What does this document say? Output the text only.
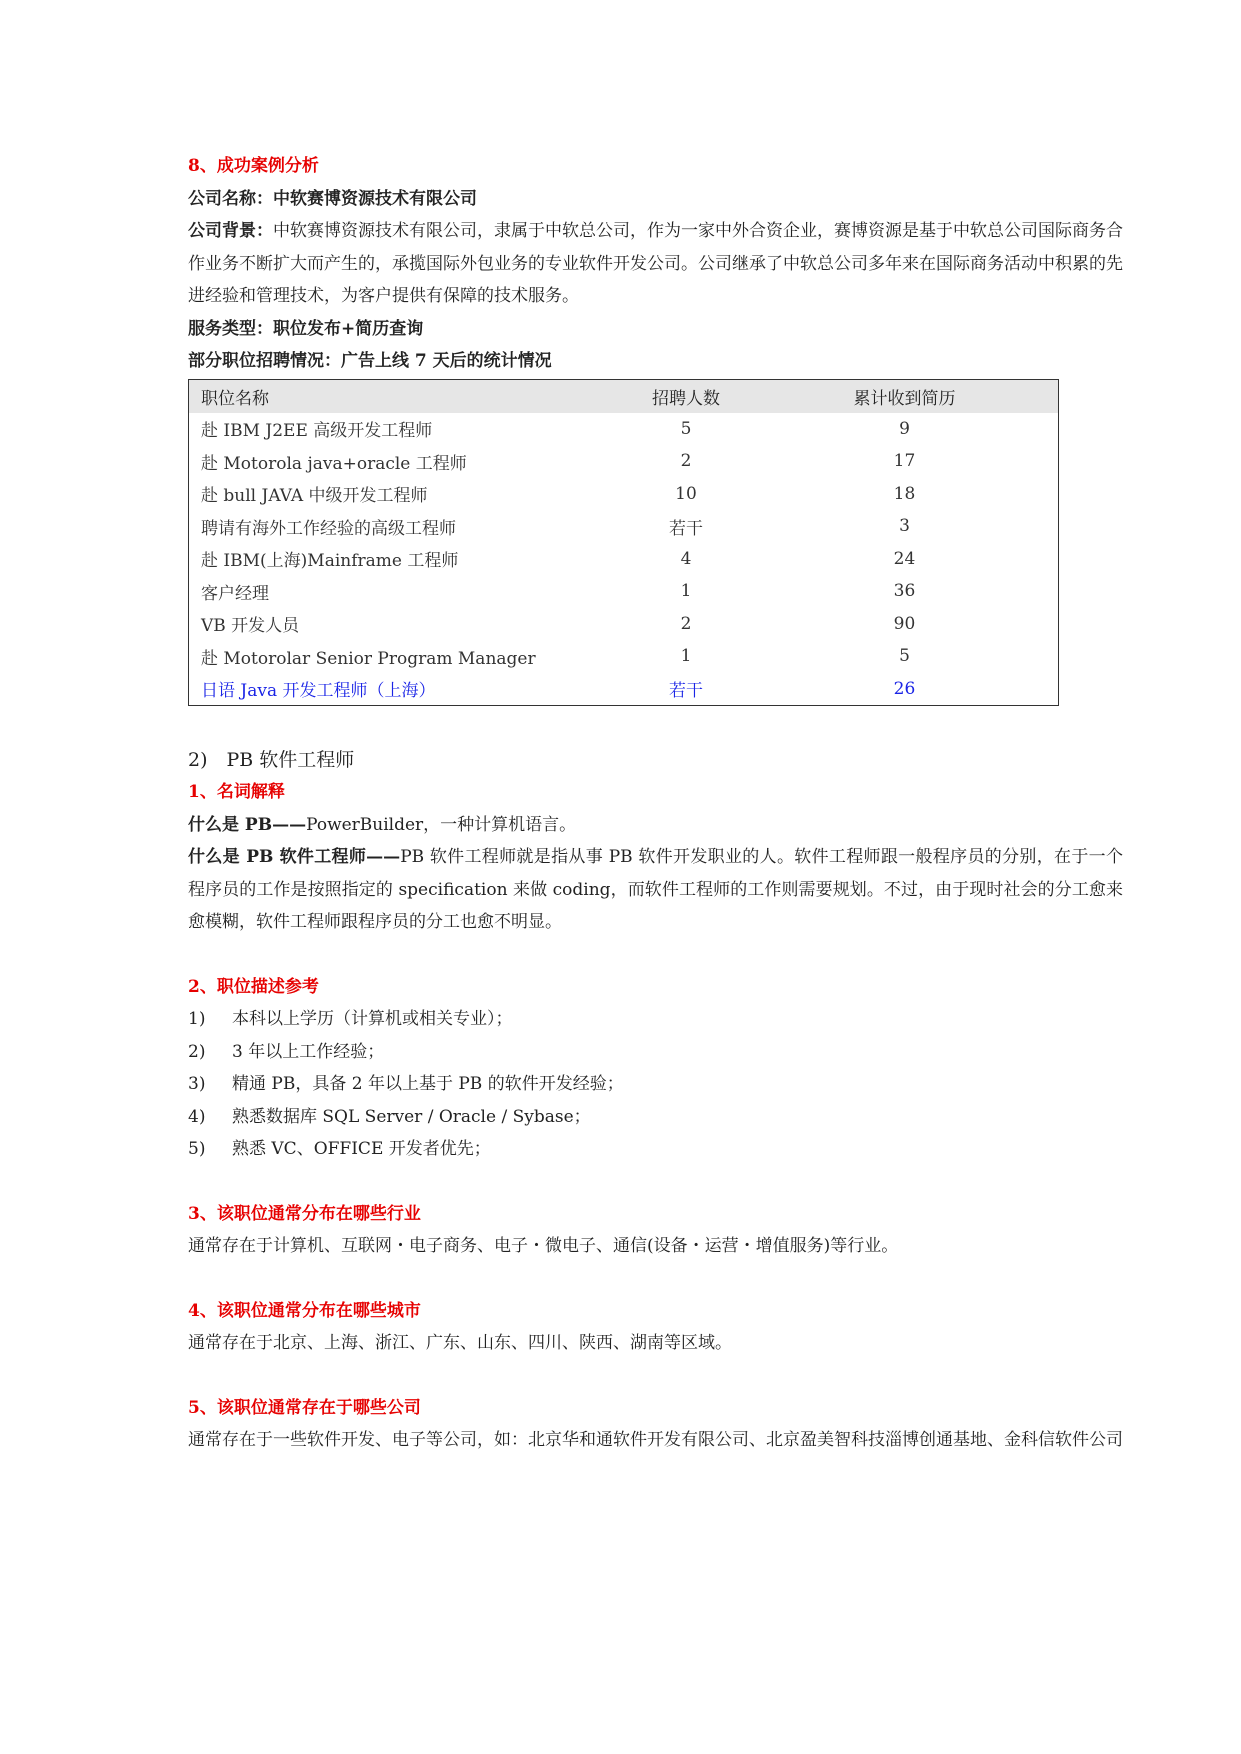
8、成功案例分析
公司名称：中软赛博资源技术有限公司
公司背景：中软赛博资源技术有限公司，隶属于中软总公司，作为一家中外合资企业，赛博资源是基于中软总公司国际商务合作业务不断扩大而产生的，承揽国际外包业务的专业软件开发公司。公司继承了中软总公司多年来在国际商务活动中积累的先进经验和管理技术，为客户提供有保障的技术服务。
服务类型：职位发布+简历查询
部分职位招聘情况：广告上线 7 天后的统计情况
职位名称	招聘人数	累计收到简历
赴 IBM J2EE 高级开发工程师	5	9
赴 Motorola java+oracle 工程师	2	17
赴 bull JAVA 中级开发工程师	10	18
聘请有海外工作经验的高级工程师	若干	3
赴 IBM(上海)Mainframe 工程师	4	24
客户经理	1	36
VB 开发人员	2	90
赴 Motorolar Senior Program Manager	1	5
日语 Java 开发工程师（上海）	若干	26
2)　PB 软件工程师
1、名词解释
什么是 PB——PowerBuilder，一种计算机语言。
什么是 PB 软件工程师——PB 软件工程师就是指从事 PB 软件开发职业的人。软件工程师跟一般程序员的分别，在于一个程序员的工作是按照指定的 specification 来做 coding，而软件工程师的工作则需要规划。不过，由于现时社会的分工愈来愈模糊，软件工程师跟程序员的分工也愈不明显。
2、职位描述参考
1) 本科以上学历（计算机或相关专业）；
2) 3 年以上工作经验；
3) 精通 PB，具备 2 年以上基于 PB 的软件开发经验；
4) 熟悉数据库 SQL Server / Oracle / Sybase；
5) 熟悉 VC、OFFICE 开发者优先；
3、该职位通常分布在哪些行业
通常存在于计算机、互联网・电子商务、电子・微电子、通信(设备・运营・增值服务)等行业。
4、该职位通常分布在哪些城市
通常存在于北京、上海、浙江、广东、山东、四川、陕西、湖南等区域。
5、该职位通常存在于哪些公司
通常存在于一些软件开发、电子等公司，如：北京华和通软件开发有限公司、北京盈美智科技淄博创通基地、金科信软件公司
